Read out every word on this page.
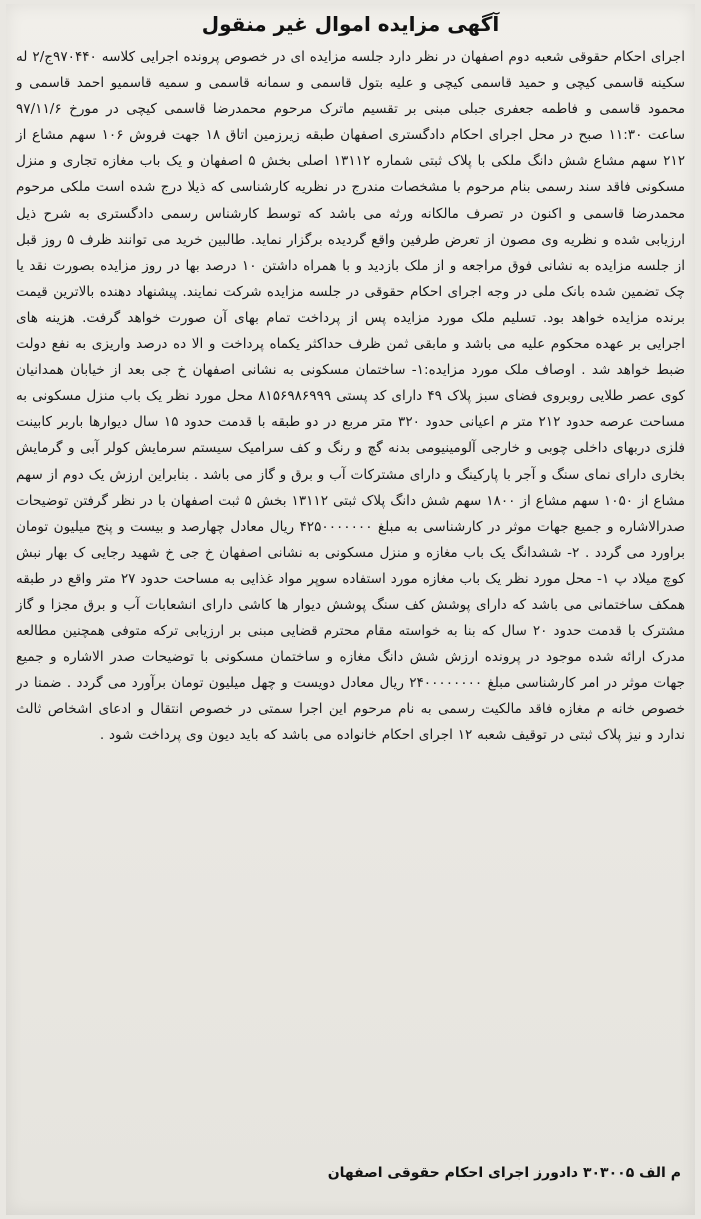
آگهی مزایده اموال غیر منقول

اجرای احکام حقوقی شعبه دوم اصفهان در نظر دارد جلسه مزایده ای در خصوص پرونده اجرایی کلاسه ۹۷۰۴۴۰ج/۲ له سکینه قاسمی کیچی و حمید قاسمی کیچی و علیه بتول قاسمی و سمانه قاسمی و سمیه قاسمیو احمد قاسمی و محمود قاسمی و فاطمه جعفری جبلی مبنی بر تقسیم ماترک مرحوم محمدرضا قاسمی کیچی در مورخ ۹۷/۱۱/۶ ساعت ۱۱:۳۰ صبح در محل اجرای احکام دادگستری اصفهان طبقه زیرزمین اتاق ۱۸ جهت فروش ۱۰۶ سهم مشاع از ۲۱۲ سهم مشاع شش دانگ ملکی با پلاک ثبتی شماره ۱۳۱۱۲ اصلی بخش ۵ اصفهان و یک باب مغازه تجاری و منزل مسکونی فاقد سند رسمی بنام مرحوم با مشخصات مندرج در نظریه کارشناسی که ذیلا درج شده است ملکی مرحوم محمدرضا قاسمی و اکنون در تصرف مالکانه ورثه می باشد که توسط کارشناس رسمی دادگستری به شرح ذیل ارزیابی شده و نظریه وی مصون از تعرض طرفین واقع گردیده برگزار نماید. طالبین خرید می توانند ظرف ۵ روز قبل از جلسه مزایده به نشانی فوق مراجعه و از ملک بازدید و با همراه داشتن ۱۰ درصد بها در روز مزایده بصورت نقد یا چک تضمین شده بانک ملی در وجه اجرای احکام حقوقی در جلسه مزایده شرکت نمایند. پیشنهاد دهنده بالاترین قیمت برنده مزایده خواهد بود. تسلیم ملک مورد مزایده پس از پرداخت تمام بهای آن صورت خواهد گرفت. هزینه های اجرایی بر عهده محکوم علیه می باشد و مابقی ثمن ظرف حداکثر یکماه پرداخت و الا ده درصد واریزی به نفع دولت ضبط خواهد شد . اوصاف ملک مورد مزایده:۱- ساختمان مسکونی به نشانی اصفهان خ جی بعد از خیابان همدانیان کوی عصر طلایی روبروی فضای سبز پلاک ۴۹ دارای کد پستی ۸۱۵۶۹۸۶۹۹۹ محل مورد نظر یک باب منزل مسکونی به مساحت عرصه حدود ۲۱۲ متر م اعیانی حدود ۳۲۰ متر مربع در دو طبقه با قدمت حدود ۱۵ سال دیوارها باربر کابینت فلزی دربهای داخلی چوبی و خارجی آلومینیومی بدنه گچ و رنگ و کف سرامیک سیستم سرمایش کولر آبی و گرمایش بخاری دارای نمای سنگ و آجر با پارکینگ و دارای مشترکات آب و برق و گاز می باشد . بنابراین ارزش یک دوم از سهم مشاع از ۱۰۵۰ سهم مشاع از ۱۸۰۰ سهم شش دانگ پلاک ثبتی ۱۳۱۱۲ بخش ۵ ثبت اصفهان با در نظر گرفتن توضیحات صدرالاشاره و جمیع جهات موثر در کارشناسی به مبلغ ۴۲۵۰۰۰۰۰۰۰ ریال معادل چهارصد و بیست و پنج میلیون تومان براورد می گردد . ۲- ششدانگ یک باب مغازه و منزل مسکونی به نشانی اصفهان خ جی خ شهید رجایی ک بهار نبش کوچ میلاد پ ۱- محل مورد نظر یک باب مغازه مورد استفاده سوپر مواد غذایی به مساحت حدود ۲۷ متر واقع در طبقه همکف ساختمانی می باشد که دارای پوشش کف سنگ پوشش دیوار ها کاشی دارای انشعابات آب و برق مجزا و گاز مشترک با قدمت حدود ۲۰ سال که بنا به خواسته مقام محترم قضایی مبنی بر ارزیابی ترکه متوفی همچنین مطالعه مدرک ارائه شده موجود در پرونده ارزش شش دانگ مغازه و ساختمان مسکونی با توضیحات صدر الاشاره و جمیع جهات موثر در امر کارشناسی مبلغ ۲۴۰۰۰۰۰۰۰۰ ریال معادل دویست و چهل میلیون تومان برآورد می گردد . ضمنا در خصوص خانه م مغازه فاقد مالکیت رسمی به نام مرحوم این اجرا سمتی در خصوص انتقال و ادعای اشخاص ثالث ندارد و نیز پلاک ثبتی در توقیف شعبه ۱۲ اجرای احکام خانواده می باشد که باید دیون وی پرداخت شود .

م الف ۳۰۳۰۰۵ دادورز اجرای احکام حقوقی اصفهان
